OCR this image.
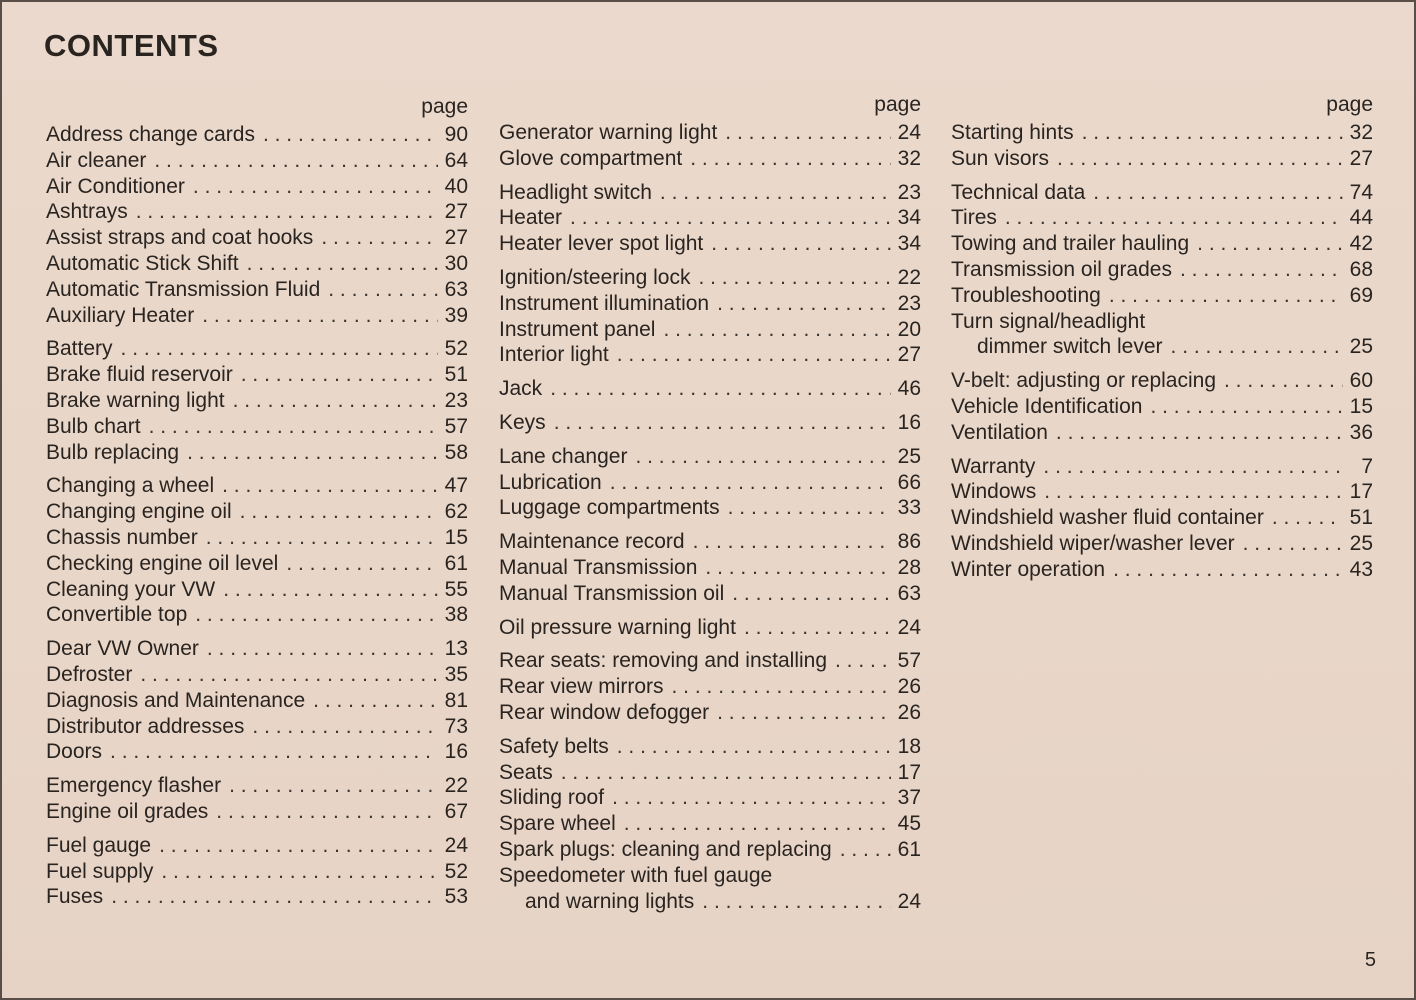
CONTENTS
page
Address change cards . . .	90
Air cleaner . . .	64
Air Conditioner . . .	40
Ashtrays . . .	27
Assist straps and coat hooks . . .	27
Automatic Stick Shift . . .	30
Automatic Transmission Fluid . . .	63
Auxiliary Heater . . .	39
Battery . . .	52
Brake fluid reservoir . . .	51
Brake warning light . . .	23
Bulb chart . . .	57
Bulb replacing . . .	58
Changing a wheel . . .	47
Changing engine oil . . .	62
Chassis number . . .	15
Checking engine oil level . . .	61
Cleaning your VW . . .	55
Convertible top . . .	38
Dear VW Owner . . .	13
Defroster . . .	35
Diagnosis and Maintenance . . .	81
Distributor addresses . . .	73
Doors . . .	16
Emergency flasher . . .	22
Engine oil grades . . .	67
Fuel gauge . . .	24
Fuel supply . . .	52
Fuses . . .	53
page
Generator warning light . . .	24
Glove compartment . . .	32
Headlight switch . . .	23
Heater . . .	34
Heater lever spot light . . .	34
Ignition/steering lock . . .	22
Instrument illumination . . .	23
Instrument panel . . .	20
Interior light . . .	27
Jack . . .	46
Keys . . .	16
Lane changer . . .	25
Lubrication . . .	66
Luggage compartments . . .	33
Maintenance record . . .	86
Manual Transmission . . .	28
Manual Transmission oil . . .	63
Oil pressure warning light . . .	24
Rear seats: removing and installing . . .	57
Rear view mirrors . . .	26
Rear window defogger . . .	26
Safety belts . . .	18
Seats . . .	17
Sliding roof . . .	37
Spare wheel . . .	45
Spark plugs: cleaning and replacing . . .	61
Speedometer with fuel gauge
and warning lights . . .	24
page
Starting hints . . .	32
Sun visors . . .	27
Technical data . . .	74
Tires . . .	44
Towing and trailer hauling . . .	42
Transmission oil grades . . .	68
Troubleshooting . . .	69
Turn signal/headlight
dimmer switch lever . . .	25
V-belt: adjusting or replacing . . .	60
Vehicle Identification . . .	15
Ventilation . . .	36
Warranty . . .	7
Windows . . .	17
Windshield washer fluid container . . .	51
Windshield wiper/washer lever . . .	25
Winter operation . . .	43
5
